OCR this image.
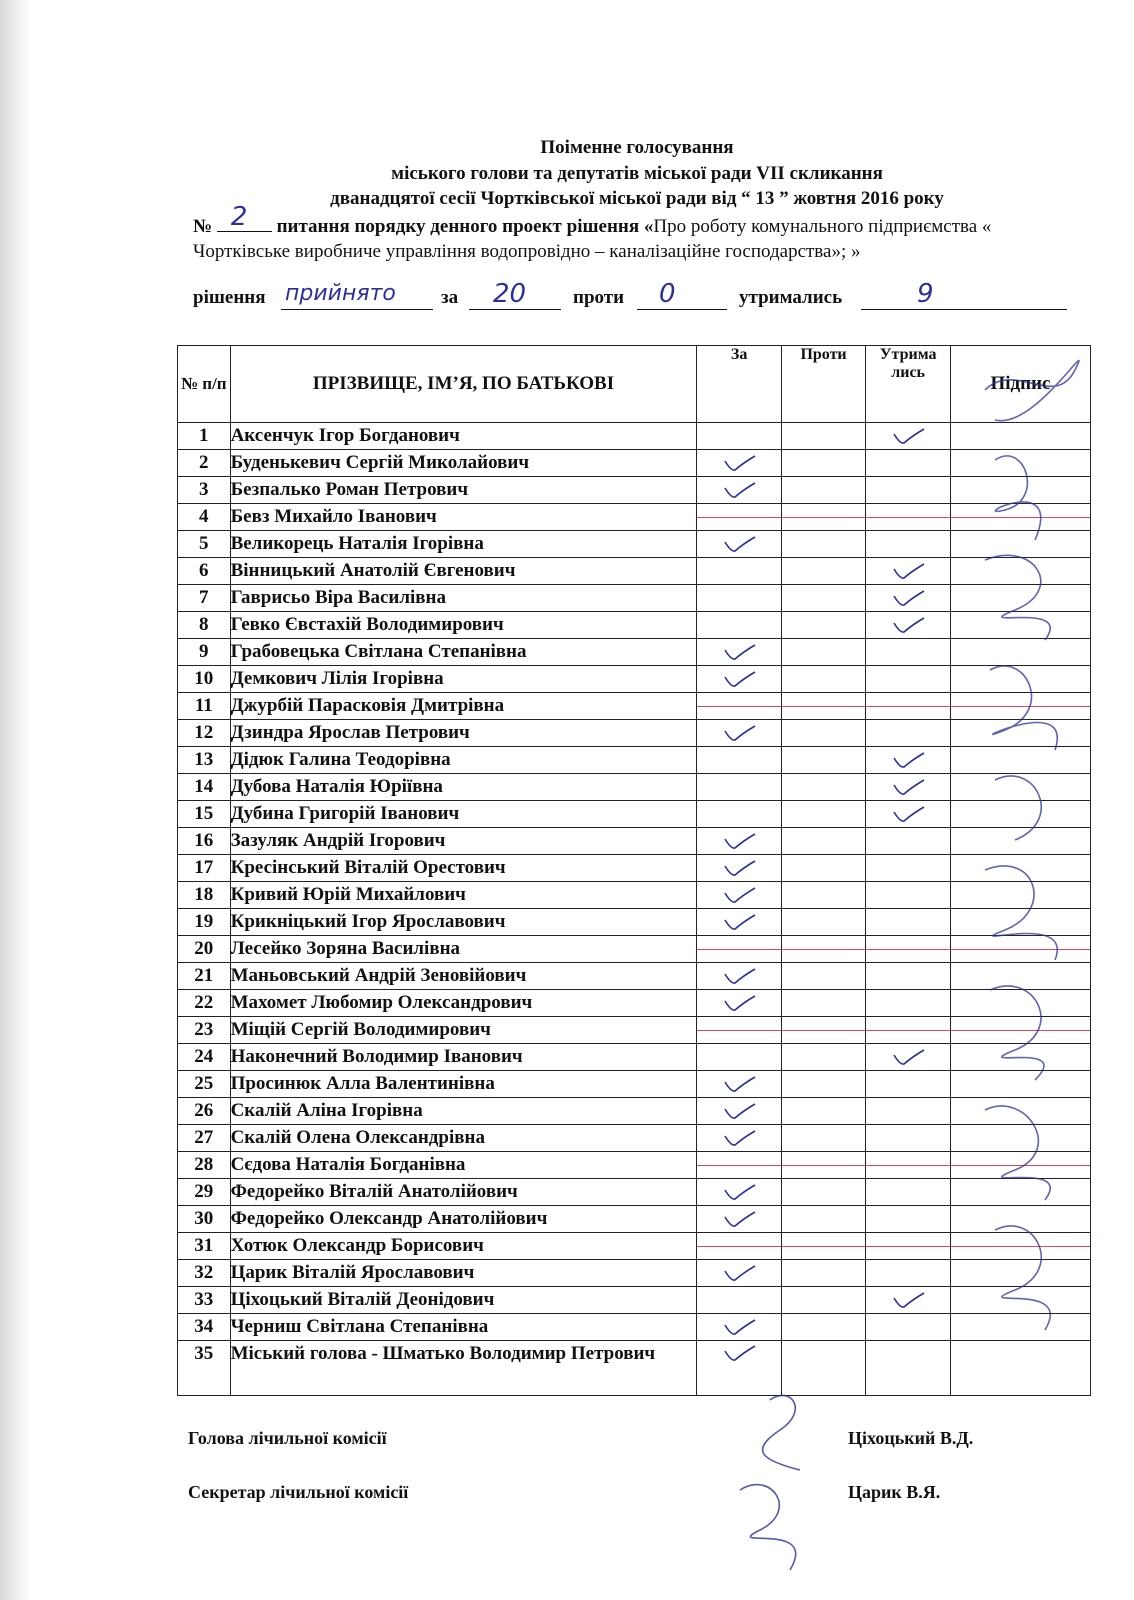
Поіменне голосування
міського голови та депутатів міської ради VII скликання
дванадцятої сесії Чортківської міської ради від “ 13 ” жовтня 2016 року
№ 2 питання порядку денного проект рішення «Про роботу комунального підприємства « Чортківське виробниче управління водопровідно – каналізаційне господарства»; »
рішення прийнято за 20 проти 0	утримались	9
№ п/п	ПРІЗВИЩЕ, ІМ’Я, ПО БАТЬКОВІ	За	Проти	Утрима лись	Підпис
1	Аксенчук Ігор Богданович			

2	Буденькевич Сергій Миколайович	

3	Безпалько Роман Петрович	

4	Бевз Михайло Іванович	

5	Великорець Наталія Ігорівна	

6	Вінницький Анатолій Євгенович			

7	Гаврисьо Віра Василівна			

8	Гевко Євстахій Володимирович			

9	Грабовецька Світлана Степанівна	

10	Демкович Лілія Ігорівна	

11	Джурбій Парасковія Дмитрівна	

12	Дзиндра Ярослав Петрович	

13	Дідюк Галина Теодорівна			

14	Дубова Наталія Юріївна			

15	Дубина Григорій Іванович			

16	Зазуляк Андрій Ігорович	

17	Кресінський Віталій Орестович	

18	Кривий Юрій Михайлович	

19	Крикніцький Ігор Ярославович	

20	Лесейко Зоряна Василівна	

21	Маньовський Андрій Зеновійович	

22	Махомет Любомир Олександрович	

23	Міщій Сергій Володимирович	

24	Наконечний Володимир Іванович			

25	Просинюк Алла Валентинівна	

26	Скалій Аліна Ігорівна	

27	Скалій Олена Олександрівна	

28	Сєдова Наталія Богданівна	

29	Федорейко Віталій Анатолійович	

30	Федорейко Олександр Анатолійович	

31	Хотюк Олександр Борисович	

32	Царик Віталій Ярославович	

33	Ціхоцький Віталій Деонідович			

34	Черниш Світлана Степанівна	

35	Міський голова - Шматько Володимир Петрович	

Голова лічильної комісії	Ціхоцький В.Д.
Секретар лічильної комісії	Царик В.Я.
